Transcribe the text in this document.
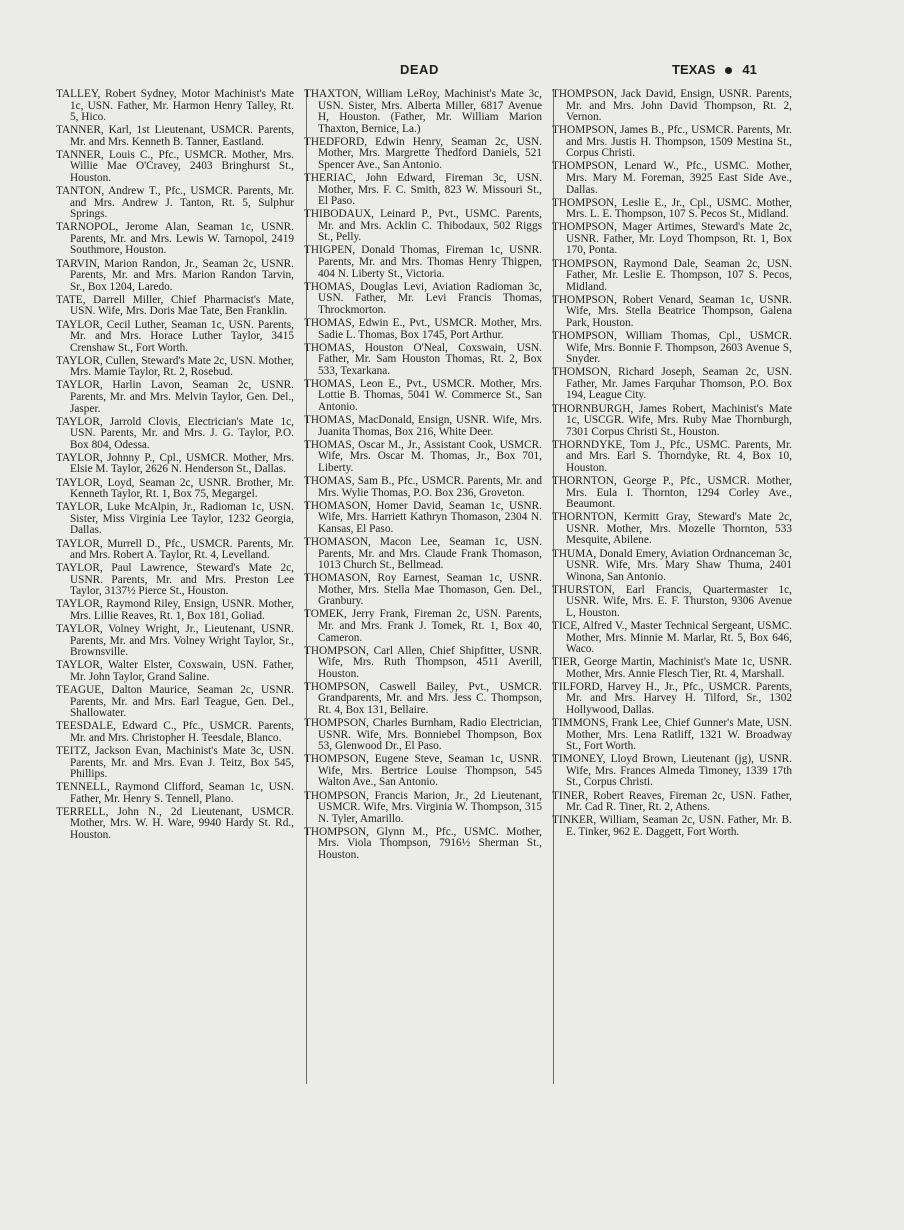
DEAD	TEXAS 41

TALLEY, Robert Sydney, Motor Machinist's Mate 1c, USN. Father, Mr. Harmon Henry Talley, Rt. 5, Hico.

TANNER, Karl, 1st Lieutenant, USMCR. Parents, Mr. and Mrs. Kenneth B. Tanner, Eastland.

TANNER, Louis C., Pfc., USMCR. Mother, Mrs. Willie Mae O'Cravey, 2403 Bringhurst St., Houston.

TANTON, Andrew T., Pfc., USMCR. Parents, Mr. and Mrs. Andrew J. Tanton, Rt. 5, Sulphur Springs.

TARNOPOL, Jerome Alan, Seaman 1c, USNR. Parents, Mr. and Mrs. Lewis W. Tarnopol, 2419 Southmore, Houston.

TARVIN, Marion Randon, Jr., Seaman 2c, USNR. Parents, Mr. and Mrs. Marion Randon Tarvin, Sr., Box 1204, Laredo.

TATE, Darrell Miller, Chief Pharmacist's Mate, USN. Wife, Mrs. Doris Mae Tate, Ben Franklin.

TAYLOR, Cecil Luther, Seaman 1c, USN. Parents, Mr. and Mrs. Horace Luther Taylor, 3415 Crenshaw St., Fort Worth.

TAYLOR, Cullen, Steward's Mate 2c, USN. Mother, Mrs. Mamie Taylor, Rt. 2, Rosebud.

TAYLOR, Harlin Lavon, Seaman 2c, USNR. Parents, Mr. and Mrs. Melvin Taylor, Gen. Del., Jasper.

TAYLOR, Jarrold Clovis, Electrician's Mate 1c, USN. Parents, Mr. and Mrs. J. G. Taylor, P.O. Box 804, Odessa.

TAYLOR, Johnny P., Cpl., USMCR. Mother, Mrs. Elsie M. Taylor, 2626 N. Henderson St., Dallas.

TAYLOR, Loyd, Seaman 2c, USNR. Brother, Mr. Kenneth Taylor, Rt. 1, Box 75, Megargel.

TAYLOR, Luke McAlpin, Jr., Radioman 1c, USN. Sister, Miss Virginia Lee Taylor, 1232 Georgia, Dallas.

TAYLOR, Murrell D., Pfc., USMCR. Parents, Mr. and Mrs. Robert A. Taylor, Rt. 4, Levelland.

TAYLOR, Paul Lawrence, Steward's Mate 2c, USNR. Parents, Mr. and Mrs. Preston Lee Taylor, 3137½ Pierce St., Houston.

TAYLOR, Raymond Riley, Ensign, USNR. Mother, Mrs. Lillie Reaves, Rt. 1, Box 181, Goliad.

TAYLOR, Volney Wright, Jr., Lieutenant, USNR. Parents, Mr. and Mrs. Volney Wright Taylor, Sr., Brownsville.

TAYLOR, Walter Elster, Coxswain, USN. Father, Mr. John Taylor, Grand Saline.

TEAGUE, Dalton Maurice, Seaman 2c, USNR. Parents, Mr. and Mrs. Earl Teague, Gen. Del., Shallowater.

TEESDALE, Edward C., Pfc., USMCR. Parents, Mr. and Mrs. Christopher H. Teesdale, Blanco.

TEITZ, Jackson Evan, Machinist's Mate 3c, USN. Parents, Mr. and Mrs. Evan J. Teitz, Box 545, Phillips.

TENNELL, Raymond Clifford, Seaman 1c, USN. Father, Mr. Henry S. Tennell, Plano.

TERRELL, John N., 2d Lieutenant, USMCR. Mother, Mrs. W. H. Ware, 9940 Hardy St. Rd., Houston.

THAXTON, William LeRoy, Machinist's Mate 3c, USN. Sister, Mrs. Alberta Miller, 6817 Avenue H, Houston. (Father, Mr. William Marion Thaxton, Bernice, La.)

THEDFORD, Edwin Henry, Seaman 2c, USN. Mother, Mrs. Margrette Thedford Daniels, 521 Spencer Ave., San Antonio.

THERIAC, John Edward, Fireman 3c, USN. Mother, Mrs. F. C. Smith, 823 W. Missouri St., El Paso.

THIBODAUX, Leinard P., Pvt., USMC. Parents, Mr. and Mrs. Acklin C. Thibodaux, 502 Riggs St., Pelly.

THIGPEN, Donald Thomas, Fireman 1c, USNR. Parents, Mr. and Mrs. Thomas Henry Thigpen, 404 N. Liberty St., Victoria.

THOMAS, Douglas Levi, Aviation Radioman 3c, USN. Father, Mr. Levi Francis Thomas, Throckmorton.

THOMAS, Edwin E., Pvt., USMCR. Mother, Mrs. Sadie L. Thomas, Box 1745, Port Arthur.

THOMAS, Houston O'Neal, Coxswain, USN. Father, Mr. Sam Houston Thomas, Rt. 2, Box 533, Texarkana.

THOMAS, Leon E., Pvt., USMCR. Mother, Mrs. Lottie B. Thomas, 5041 W. Commerce St., San Antonio.

THOMAS, MacDonald, Ensign, USNR. Wife, Mrs. Juanita Thomas, Box 216, White Deer.

THOMAS, Oscar M., Jr., Assistant Cook, USMCR. Wife, Mrs. Oscar M. Thomas, Jr., Box 701, Liberty.

THOMAS, Sam B., Pfc., USMCR. Parents, Mr. and Mrs. Wylie Thomas, P.O. Box 236, Groveton.

THOMASON, Homer David, Seaman 1c, USNR. Wife, Mrs. Harriett Kathryn Thomason, 2304 N. Kansas, El Paso.

THOMASON, Macon Lee, Seaman 1c, USN. Parents, Mr. and Mrs. Claude Frank Thomason, 1013 Church St., Bellmead.

THOMASON, Roy Earnest, Seaman 1c, USNR. Mother, Mrs. Stella Mae Thomason, Gen. Del., Granbury.

TOMEK, Jerry Frank, Fireman 2c, USN. Parents, Mr. and Mrs. Frank J. Tomek, Rt. 1, Box 40, Cameron.

THOMPSON, Carl Allen, Chief Shipfitter, USNR. Wife, Mrs. Ruth Thompson, 4511 Averill, Houston.

THOMPSON, Caswell Bailey, Pvt., USMCR. Grandparents, Mr. and Mrs. Jess C. Thompson, Rt. 4, Box 131, Bellaire.

THOMPSON, Charles Burnham, Radio Electrician, USNR. Wife, Mrs. Bonniebel Thompson, Box 53, Glenwood Dr., El Paso.

THOMPSON, Eugene Steve, Seaman 1c, USNR. Wife, Mrs. Bertrice Louise Thompson, 545 Walton Ave., San Antonio.

THOMPSON, Francis Marion, Jr., 2d Lieutenant, USMCR. Wife, Mrs. Virginia W. Thompson, 315 N. Tyler, Amarillo.

THOMPSON, Glynn M., Pfc., USMC. Mother, Mrs. Viola Thompson, 7916½ Sherman St., Houston.

THOMPSON, Jack David, Ensign, USNR. Parents, Mr. and Mrs. John David Thompson, Rt. 2, Vernon.

THOMPSON, James B., Pfc., USMCR. Parents, Mr. and Mrs. Justis H. Thompson, 1509 Mestina St., Corpus Christi.

THOMPSON, Lenard W., Pfc., USMC. Mother, Mrs. Mary M. Foreman, 3925 East Side Ave., Dallas.

THOMPSON, Leslie E., Jr., Cpl., USMC. Mother, Mrs. L. E. Thompson, 107 S. Pecos St., Midland.

THOMPSON, Mager Artimes, Steward's Mate 2c, USNR. Father, Mr. Loyd Thompson, Rt. 1, Box 170, Ponta.

THOMPSON, Raymond Dale, Seaman 2c, USN. Father, Mr. Leslie E. Thompson, 107 S. Pecos, Midland.

THOMPSON, Robert Venard, Seaman 1c, USNR. Wife, Mrs. Stella Beatrice Thompson, Galena Park, Houston.

THOMPSON, William Thomas, Cpl., USMCR. Wife, Mrs. Bonnie F. Thompson, 2603 Avenue S, Snyder.

THOMSON, Richard Joseph, Seaman 2c, USN. Father, Mr. James Farquhar Thomson, P.O. Box 194, League City.

THORNBURGH, James Robert, Machinist's Mate 1c, USCGR. Wife, Mrs. Ruby Mae Thornburgh, 7301 Corpus Christi St., Houston.

THORNDYKE, Tom J., Pfc., USMC. Parents, Mr. and Mrs. Earl S. Thorndyke, Rt. 4, Box 10, Houston.

THORNTON, George P., Pfc., USMCR. Mother, Mrs. Eula I. Thornton, 1294 Corley Ave., Beaumont.

THORNTON, Kermitt Gray, Steward's Mate 2c, USNR. Mother, Mrs. Mozelle Thornton, 533 Mesquite, Abilene.

THUMA, Donald Emery, Aviation Ordnanceman 3c, USNR. Wife, Mrs. Mary Shaw Thuma, 2401 Winona, San Antonio.

THURSTON, Earl Francis, Quartermaster 1c, USNR. Wife, Mrs. E. F. Thurston, 9306 Avenue L, Houston.

TICE, Alfred V., Master Technical Sergeant, USMC. Mother, Mrs. Minnie M. Marlar, Rt. 5, Box 646, Waco.

TIER, George Martin, Machinist's Mate 1c, USNR. Mother, Mrs. Annie Flesch Tier, Rt. 4, Marshall.

TILFORD, Harvey H., Jr., Pfc., USMCR. Parents, Mr. and Mrs. Harvey H. Tilford, Sr., 1302 Hollywood, Dallas.

TIMMONS, Frank Lee, Chief Gunner's Mate, USN. Mother, Mrs. Lena Ratliff, 1321 W. Broadway St., Fort Worth.

TIMONEY, Lloyd Brown, Lieutenant (jg), USNR. Wife, Mrs. Frances Almeda Timoney, 1339 17th St., Corpus Christi.

TINER, Robert Reaves, Fireman 2c, USN. Father, Mr. Cad R. Tiner, Rt. 2, Athens.

TINKER, William, Seaman 2c, USN. Father, Mr. B. E. Tinker, 962 E. Daggett, Fort Worth.
